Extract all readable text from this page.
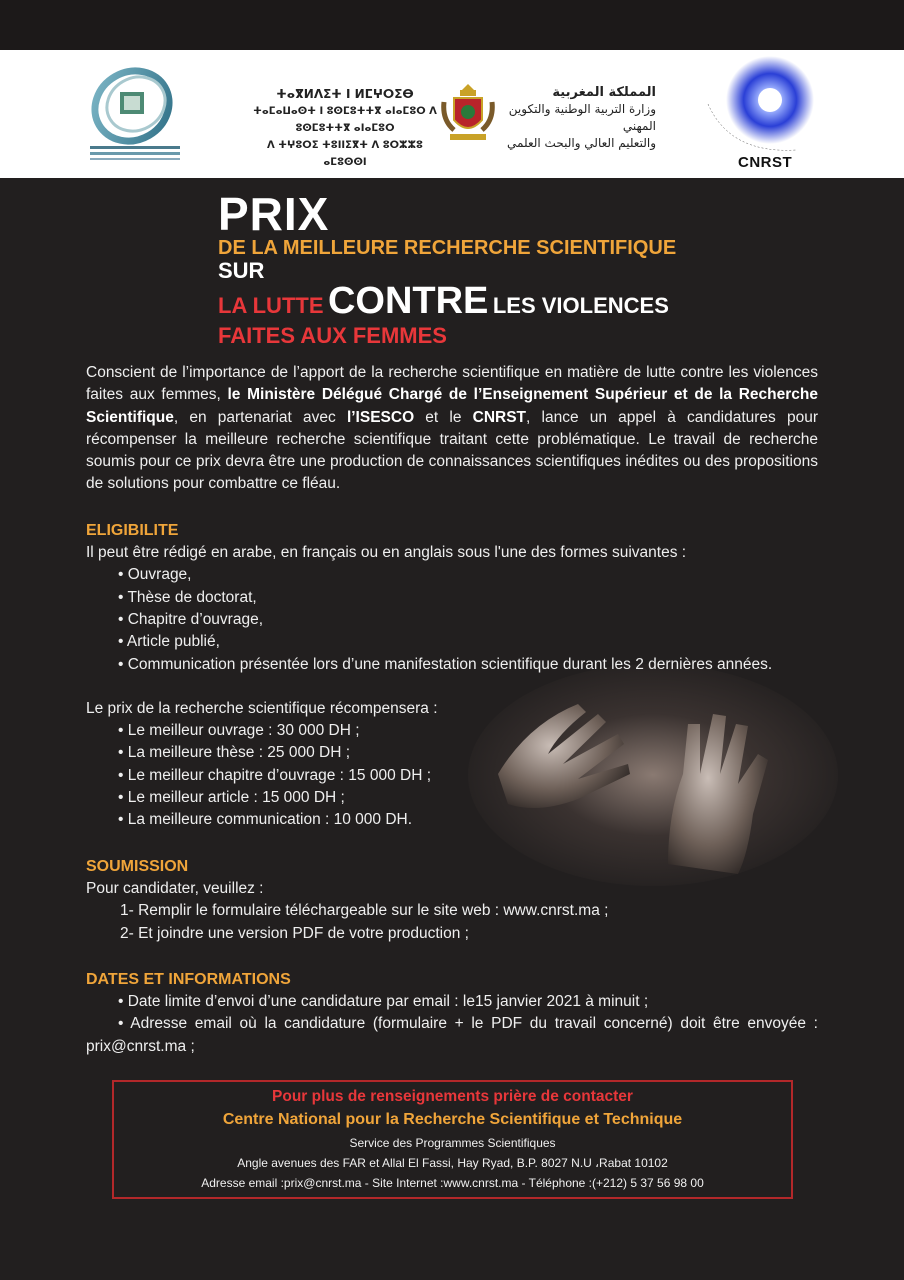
ⵜⴰⴳⵍⴷⵉⵜ ⵏ ⵍⵎⵖⵔⵉⴱ
ⵜⴰⵎⴰⵡⴰⵙⵜ ⵏ ⵓⵙⵎⵓⵜⵜⴳ ⴰⵏⴰⵎⵓⵔ ⴷ ⵓⵙⵎⵓⵜⵜⴳ ⴰⵏⴰⵎⵓⵔ
ⴷ ⵜⵖⵓⵔⵉ ⵜⵓⵏⵏⵉⴳⵜ ⴷ ⵓⵔⵣⵣⵓ ⴰⵎⵓⵙⵙⵏ
المملكة المغربية
وزارة التربية الوطنية والتكوين المهني
والتعليم العالي والبحث العلمي
CNRST
PRIX
DE LA MEILLEURE RECHERCHE SCIENTIFIQUE
SUR
LA LUTTE CONTRE LES VIOLENCES
FAITES AUX FEMMES

Conscient de l’importance de l’apport de la recherche scientifique en matière de lutte contre les violences faites aux femmes, le Ministère Délégué Chargé de l’Enseignement Supérieur et de la Recherche Scientifique, en partenariat avec l’ISESCO et le CNRST, lance un appel à candidatures pour récompenser la meilleure recherche scientifique traitant cette problématique. Le travail de recherche soumis pour ce prix devra être une production de connaissances scientifiques inédites ou des propositions de solutions pour combattre ce fléau.

ELIGIBILITE
Il peut être rédigé en arabe, en français ou en anglais sous l'une des formes suivantes :
• Ouvrage,
• Thèse de doctorat,
• Chapitre d’ouvrage,
• Article publié,
• Communication présentée lors d’une manifestation scientifique durant les 2 dernières années.
Le prix de la recherche scientifique récompensera :
• Le meilleur ouvrage : 30 000 DH ;
• La meilleure thèse : 25 000 DH ;
• Le meilleur chapitre d’ouvrage : 15 000 DH ;
• Le meilleur article : 15 000 DH ;
• La meilleure communication : 10 000 DH.
SOUMISSION
Pour candidater, veuillez :
1- Remplir le formulaire téléchargeable sur le site web : www.cnrst.ma ;
2- Et joindre une version PDF de votre production ;
DATES ET INFORMATIONS
• Date limite d’envoi d’une candidature par email : le15 janvier 2021 à minuit ;
• Adresse email où la candidature (formulaire + le PDF du travail concerné) doit être envoyée : prix@cnrst.ma ;
Pour plus de renseignements prière de contacter
Centre National pour la Recherche Scientifique et Technique
Service des Programmes Scientifiques
Angle avenues des FAR et Allal El Fassi, Hay Ryad, B.P. 8027 N.U ،Rabat 10102
Adresse email :prix@cnrst.ma - Site Internet :www.cnrst.ma - Téléphone :(+212) 5 37 56 98 00
